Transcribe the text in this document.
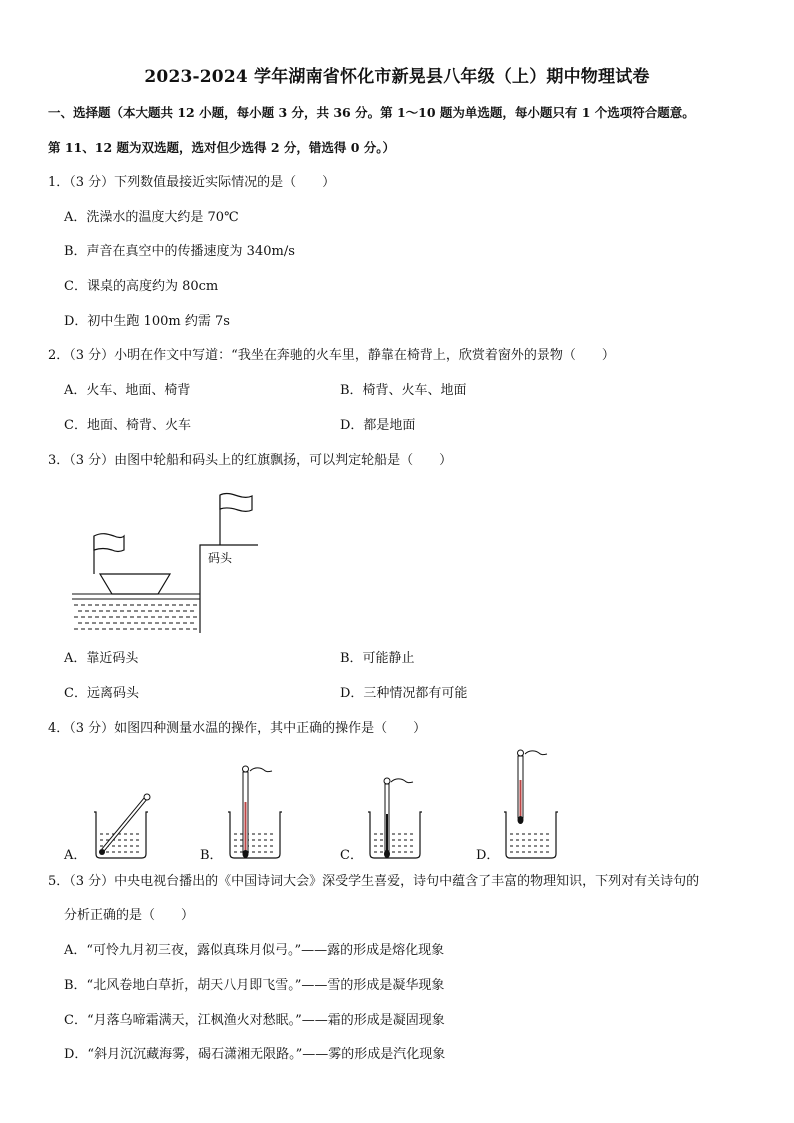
2023-2024 学年湖南省怀化市新晃县八年级（上）期中物理试卷
一、选择题（本大题共 12 小题，每小题 3 分，共 36 分。第 1～10 题为单选题，每小题只有 1 个选项符合题意。
第 11、12 题为双选题，选对但少选得 2 分，错选得 0 分。）
1．（3 分）下列数值最接近实际情况的是（　　）
A．洗澡水的温度大约是 70℃
B．声音在真空中的传播速度为 340m/s
C．课桌的高度约为 80cm
D．初中生跑 100m 约需 7s
2．（3 分）小明在作文中写道：“我坐在奔驰的火车里，静靠在椅背上，欣赏着窗外的景物（　　）
A．火车、地面、椅背	B．椅背、火车、地面
C．地面、椅背、火车	D．都是地面
3．（3 分）由图中轮船和码头上的红旗飘扬，可以判定轮船是（　　）
码头
A．靠近码头	B．可能静止
C．远离码头	D．三种情况都有可能
4．（3 分）如图四种测量水温的操作，其中正确的操作是（　　）
A．	B．	C．	D．
5．（3 分）中央电视台播出的《中国诗词大会》深受学生喜爱，诗句中蕴含了丰富的物理知识，下列对有关诗句的
分析正确的是（　　）
A．“可怜九月初三夜，露似真珠月似弓。”——露的形成是熔化现象
B．“北风卷地白草折，胡天八月即飞雪。”——雪的形成是凝华现象
C．“月落乌啼霜满天，江枫渔火对愁眠。”——霜的形成是凝固现象
D．“斜月沉沉藏海雾，碣石潇湘无限路。”——雾的形成是汽化现象
